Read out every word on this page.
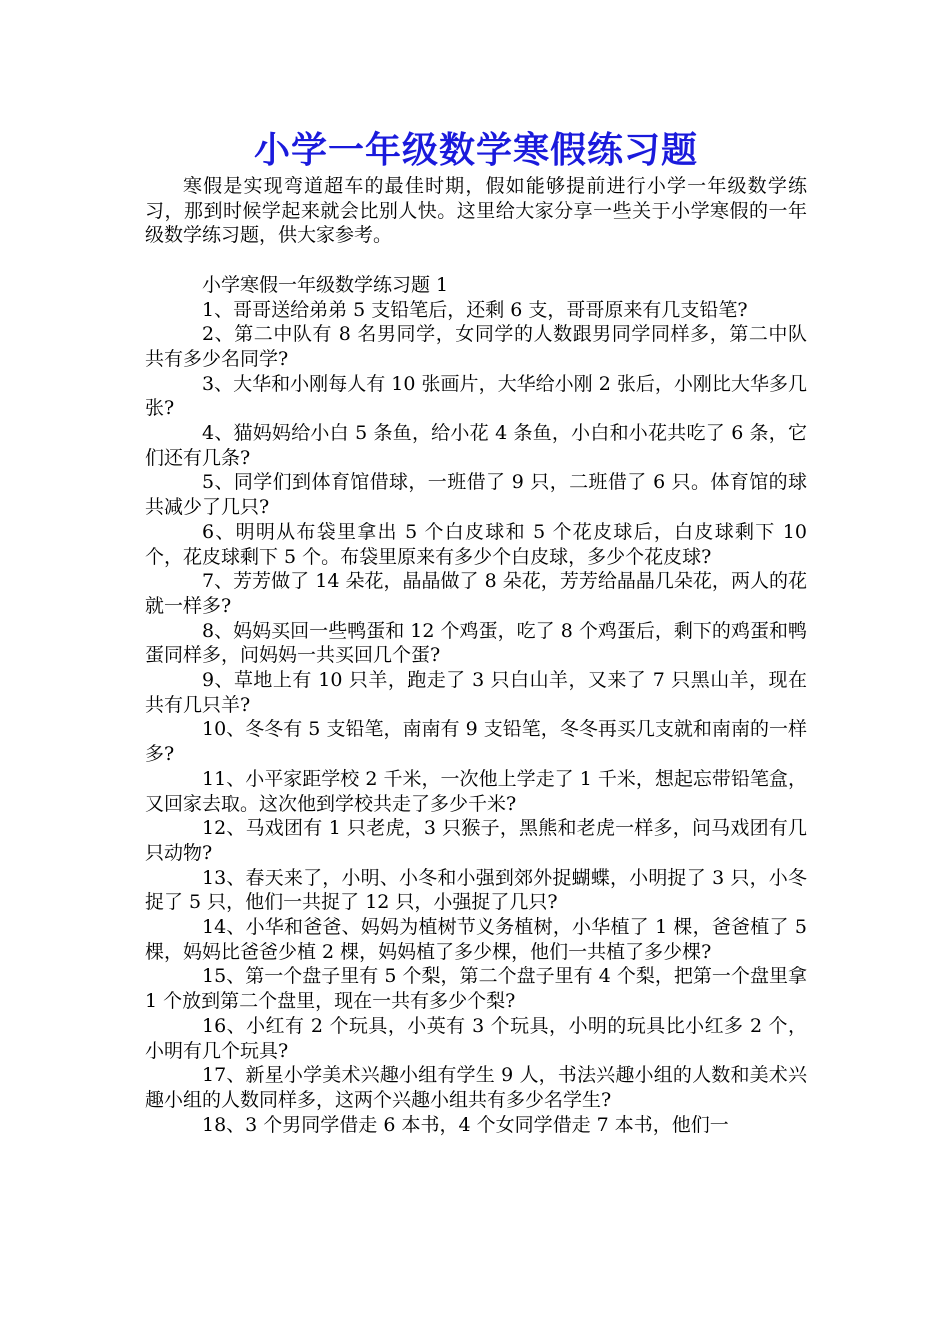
小学一年级数学寒假练习题

寒假是实现弯道超车的最佳时期，假如能够提前进行小学一年级数学练习，那到时候学起来就会比别人快。这里给大家分享一些关于小学寒假的一年级数学练习题，供大家参考。

小学寒假一年级数学练习题 1

1、哥哥送给弟弟 5 支铅笔后，还剩 6 支，哥哥原来有几支铅笔?

2、第二中队有 8 名男同学，女同学的人数跟男同学同样多，第二中队共有多少名同学?

3、大华和小刚每人有 10 张画片，大华给小刚 2 张后，小刚比大华多几张?

4、猫妈妈给小白 5 条鱼，给小花 4 条鱼，小白和小花共吃了 6 条，它们还有几条?

5、同学们到体育馆借球，一班借了 9 只，二班借了 6 只。体育馆的球共减少了几只?

6、明明从布袋里拿出 5 个白皮球和 5 个花皮球后，白皮球剩下 10 个，花皮球剩下 5 个。布袋里原来有多少个白皮球，多少个花皮球?

7、芳芳做了 14 朵花，晶晶做了 8 朵花，芳芳给晶晶几朵花，两人的花就一样多?

8、妈妈买回一些鸭蛋和 12 个鸡蛋，吃了 8 个鸡蛋后，剩下的鸡蛋和鸭蛋同样多，问妈妈一共买回几个蛋?

9、草地上有 10 只羊，跑走了 3 只白山羊，又来了 7 只黑山羊，现在共有几只羊?

10、冬冬有 5 支铅笔，南南有 9 支铅笔，冬冬再买几支就和南南的一样多?

11、小平家距学校 2 千米，一次他上学走了 1 千米，想起忘带铅笔盒，又回家去取。这次他到学校共走了多少千米?

12、马戏团有 1 只老虎，3 只猴子，黑熊和老虎一样多，问马戏团有几只动物?

13、春天来了，小明、小冬和小强到郊外捉蝴蝶，小明捉了 3 只，小冬捉了 5 只，他们一共捉了 12 只，小强捉了几只?

14、小华和爸爸、妈妈为植树节义务植树，小华植了 1 棵，爸爸植了 5 棵，妈妈比爸爸少植 2 棵，妈妈植了多少棵，他们一共植了多少棵?

15、第一个盘子里有 5 个梨，第二个盘子里有 4 个梨，把第一个盘里拿 1 个放到第二个盘里，现在一共有多少个梨?

16、小红有 2 个玩具，小英有 3 个玩具，小明的玩具比小红多 2 个，小明有几个玩具?

17、新星小学美术兴趣小组有学生 9 人，书法兴趣小组的人数和美术兴趣小组的人数同样多，这两个兴趣小组共有多少名学生?

18、3 个男同学借走 6 本书，4 个女同学借走 7 本书，他们一
